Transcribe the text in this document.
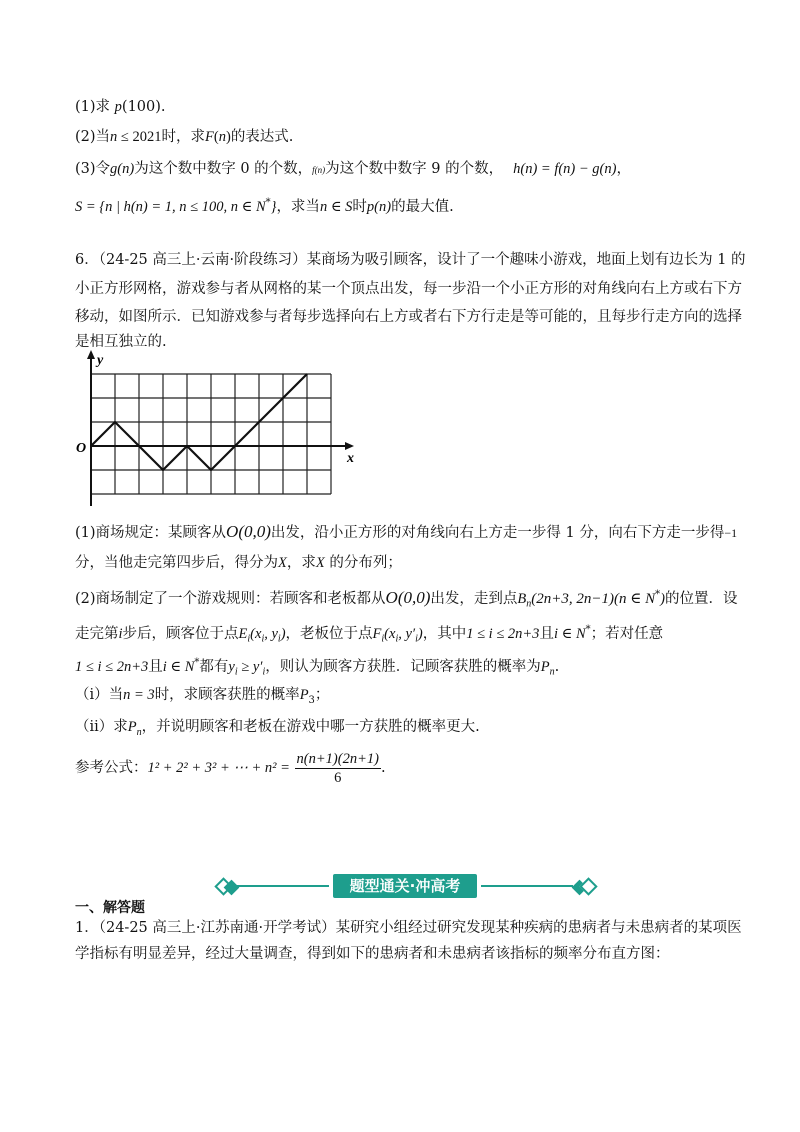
(1)求 p(100).
(2)当n ≤ 2021时，求F(n)的表达式.
(3)令g(n)为这个数中数字 0 的个数，f(n)为这个数中数字 9 的个数， h(n) = f(n) − g(n)，
S = {n | h(n) = 1, n ≤ 100, n ∈ N*}，求当n ∈ S时p(n)的最大值.
6．（24-25 高三上·云南·阶段练习）某商场为吸引顾客，设计了一个趣味小游戏，地面上划有边长为 1 的
小正方形网格，游戏参与者从网格的某一个顶点出发，每一步沿一个小正方形的对角线向右上方或右下方
移动，如图所示．已知游戏参与者每步选择向右上方或者右下方行走是等可能的，且每步行走方向的选择
是相互独立的.
y
O
x
(1)商场规定：某顾客从O(0,0)出发，沿小正方形的对角线向右上方走一步得 1 分，向右下方走一步得−1
分，当他走完第四步后，得分为X，求X 的分布列；
(2)商场制定了一个游戏规则：若顾客和老板都从O(0,0)出发，走到点$B_n(2n+3$, 2n−1)(n ∈ N*)的位置．设
走完第i步后，顾客位于点$E_i(x_i$, $y_i$)，老板位于点$F_i(x_i$, $y'_i$)，其中1 ≤ i ≤ 2n+3且i ∈ N*；若对任意
1 ≤ i ≤ 2n+3且i ∈ N*都有$y_i \ge y'_i$，则认为顾客方获胜．记顾客获胜的概率为$P_n$.
（i）当n = 3时，求顾客获胜的概率$P_3$；
（ii）求$P_n$，并说明顾客和老板在游戏中哪一方获胜的概率更大.
参考公式：1² + 2² + 3² + ⋯ + $n^2 = \frac{n(n+1)(2n+1)}{6}$ .
题型通关·冲高考
一、解答题
1．（24-25 高三上·江苏南通·开学考试）某研究小组经过研究发现某种疾病的患病者与未患病者的某项医
学指标有明显差异，经过大量调查，得到如下的患病者和未患病者该指标的频率分布直方图：
